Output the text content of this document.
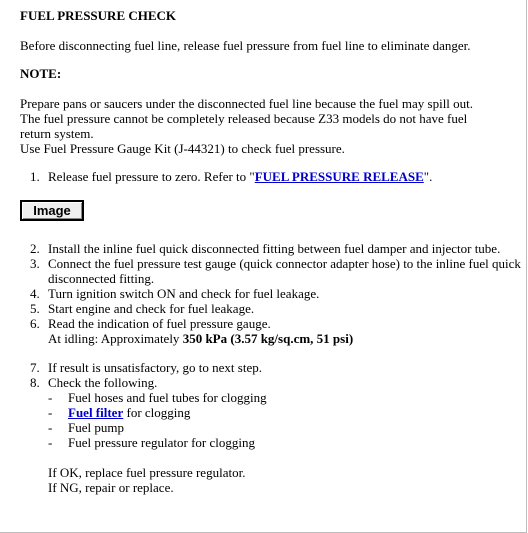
FUEL PRESSURE CHECK

Before disconnecting fuel line, release fuel pressure from fuel line to eliminate danger.

NOTE:

Prepare pans or saucers under the disconnected fuel line because the fuel may spill out.
The fuel pressure cannot be completely released because Z33 models do not have fuel
return system.
Use Fuel Pressure Gauge Kit (J-44321) to check fuel pressure.

1. Release fuel pressure to zero. Refer to "FUEL PRESSURE RELEASE".
Image
2. Install the inline fuel quick disconnected fitting between fuel damper and injector tube.
3. Connect the fuel pressure test gauge (quick connector adapter hose) to the inline fuel quick disconnected fitting.
4. Turn ignition switch ON and check for fuel leakage.
5. Start engine and check for fuel leakage.
6. Read the indication of fuel pressure gauge.
At idling: Approximately 350 kPa (3.57 kg/sq.cm, 51 psi)
7. If result is unsatisfactory, go to next step.
8. Check the following.
- Fuel hoses and fuel tubes for clogging
- Fuel filter for clogging
- Fuel pump
- Fuel pressure regulator for clogging

If OK, replace fuel pressure regulator.
If NG, repair or replace.
